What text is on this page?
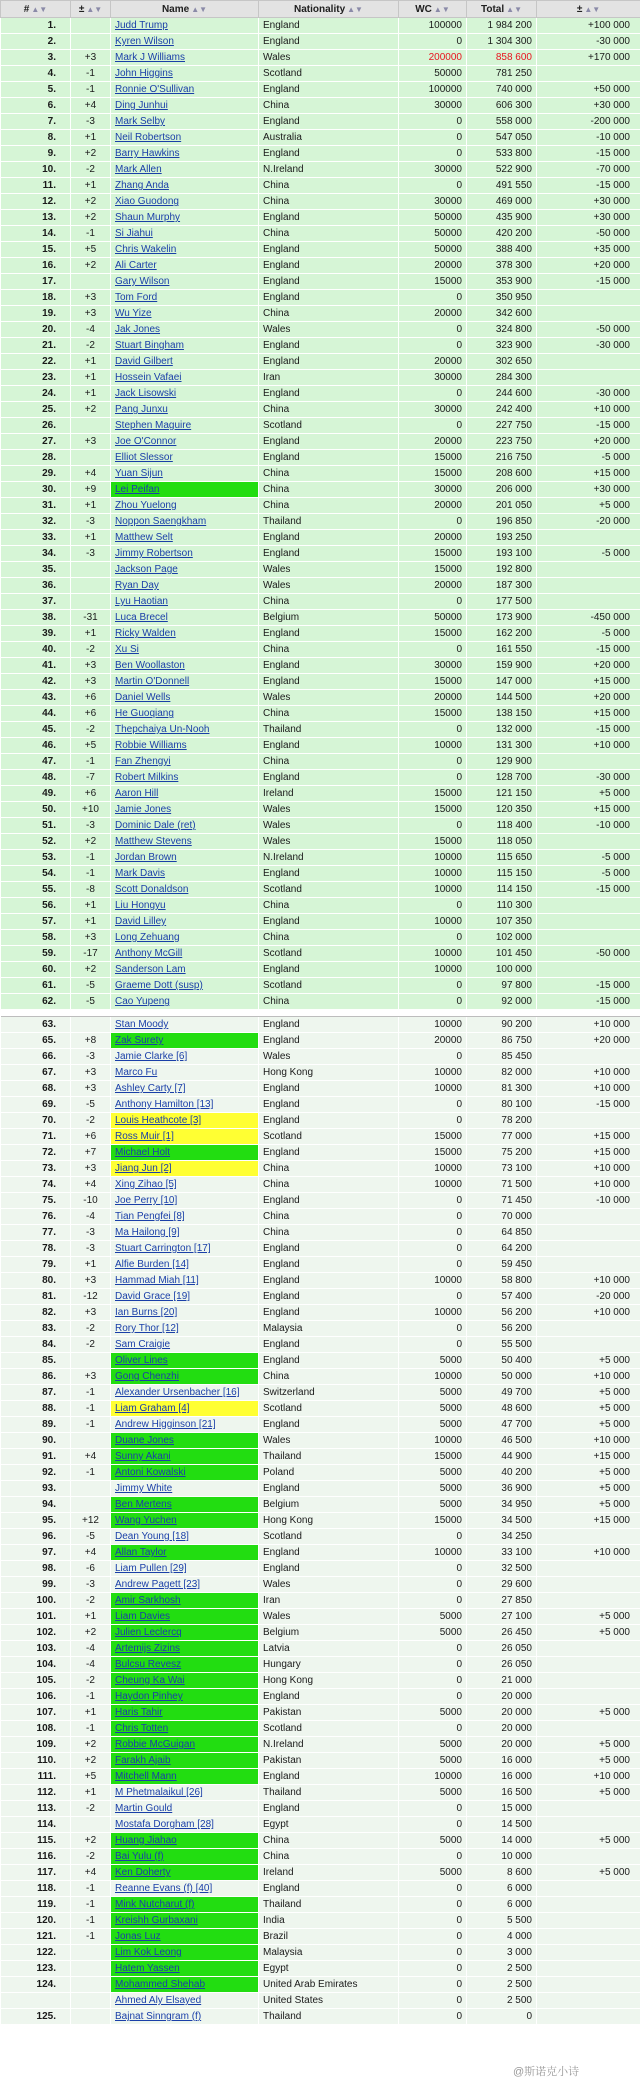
# ▲▼	± ▲▼	Name ▲▼	Nationality ▲▼	WC ▲▼	Total ▲▼	± ▲▼
1.		Judd Trump	England	100000	1 984 200	+100 000
2.		Kyren Wilson	England	0	1 304 300	-30 000
3.	+3	Mark J Williams	Wales	200000	858 600	+170 000
4.	-1	John Higgins	Scotland	50000	781 250	
5.	-1	Ronnie O'Sullivan	England	100000	740 000	+50 000
6.	+4	Ding Junhui	China	30000	606 300	+30 000
7.	-3	Mark Selby	England	0	558 000	-200 000
8.	+1	Neil Robertson	Australia	0	547 050	-10 000
9.	+2	Barry Hawkins	England	0	533 800	-15 000
10.	-2	Mark Allen	N.Ireland	30000	522 900	-70 000
11.	+1	Zhang Anda	China	0	491 550	-15 000
12.	+2	Xiao Guodong	China	30000	469 000	+30 000
13.	+2	Shaun Murphy	England	50000	435 900	+30 000
14.	-1	Si Jiahui	China	50000	420 200	-50 000
15.	+5	Chris Wakelin	England	50000	388 400	+35 000
16.	+2	Ali Carter	England	20000	378 300	+20 000
17.		Gary Wilson	England	15000	353 900	-15 000
18.	+3	Tom Ford	England	0	350 950	
19.	+3	Wu Yize	China	20000	342 600	
20.	-4	Jak Jones	Wales	0	324 800	-50 000
21.	-2	Stuart Bingham	England	0	323 900	-30 000
22.	+1	David Gilbert	England	20000	302 650	
23.	+1	Hossein Vafaei	Iran	30000	284 300	
24.	+1	Jack Lisowski	England	0	244 600	-30 000
25.	+2	Pang Junxu	China	30000	242 400	+10 000
26.		Stephen Maguire	Scotland	0	227 750	-15 000
27.	+3	Joe O'Connor	England	20000	223 750	+20 000
28.		Elliot Slessor	England	15000	216 750	-5 000
29.	+4	Yuan Sijun	China	15000	208 600	+15 000
30.	+9	Lei Peifan	China	30000	206 000	+30 000
31.	+1	Zhou Yuelong	China	20000	201 050	+5 000
32.	-3	Noppon Saengkham	Thailand	0	196 850	-20 000
33.	+1	Matthew Selt	England	20000	193 250	
34.	-3	Jimmy Robertson	England	15000	193 100	-5 000
35.		Jackson Page	Wales	15000	192 800	
36.		Ryan Day	Wales	20000	187 300	
37.		Lyu Haotian	China	0	177 500	
38.	-31	Luca Brecel	Belgium	50000	173 900	-450 000
39.	+1	Ricky Walden	England	15000	162 200	-5 000
40.	-2	Xu Si	China	0	161 550	-15 000
41.	+3	Ben Woollaston	England	30000	159 900	+20 000
42.	+3	Martin O'Donnell	England	15000	147 000	+15 000
43.	+6	Daniel Wells	Wales	20000	144 500	+20 000
44.	+6	He Guoqiang	China	15000	138 150	+15 000
45.	-2	Thepchaiya Un-Nooh	Thailand	0	132 000	-15 000
46.	+5	Robbie Williams	England	10000	131 300	+10 000
47.	-1	Fan Zhengyi	China	0	129 900	
48.	-7	Robert Milkins	England	0	128 700	-30 000
49.	+6	Aaron Hill	Ireland	15000	121 150	+5 000
50.	+10	Jamie Jones	Wales	15000	120 350	+15 000
51.	-3	Dominic Dale (ret)	Wales	0	118 400	-10 000
52.	+2	Matthew Stevens	Wales	15000	118 050	
53.	-1	Jordan Brown	N.Ireland	10000	115 650	-5 000
54.	-1	Mark Davis	England	10000	115 150	-5 000
55.	-8	Scott Donaldson	Scotland	10000	114 150	-15 000
56.	+1	Liu Hongyu	China	0	110 300	
57.	+1	David Lilley	England	10000	107 350	
58.	+3	Long Zehuang	China	0	102 000	
59.	-17	Anthony McGill	Scotland	10000	101 450	-50 000
60.	+2	Sanderson Lam	England	10000	100 000	
61.	-5	Graeme Dott (susp)	Scotland	0	97 800	-15 000
62.	-5	Cao Yupeng	China	0	92 000	-15 000

63.		Stan Moody	England	10000	90 200	+10 000
65.	+8	Zak Surety	England	20000	86 750	+20 000
66.	-3	Jamie Clarke [6]	Wales	0	85 450	
67.	+3	Marco Fu	Hong Kong	10000	82 000	+10 000
68.	+3	Ashley Carty [7]	England	10000	81 300	+10 000
69.	-5	Anthony Hamilton [13]	England	0	80 100	-15 000
70.	-2	Louis Heathcote [3]	England	0	78 200	
71.	+6	Ross Muir [1]	Scotland	15000	77 000	+15 000
72.	+7	Michael Holt	England	15000	75 200	+15 000
73.	+3	Jiang Jun [2]	China	10000	73 100	+10 000
74.	+4	Xing Zihao [5]	China	10000	71 500	+10 000
75.	-10	Joe Perry [10]	England	0	71 450	-10 000
76.	-4	Tian Pengfei [8]	China	0	70 000	
77.	-3	Ma Hailong [9]	China	0	64 850	
78.	-3	Stuart Carrington [17]	England	0	64 200	
79.	+1	Alfie Burden [14]	England	0	59 450	
80.	+3	Hammad Miah [11]	England	10000	58 800	+10 000
81.	-12	David Grace [19]	England	0	57 400	-20 000
82.	+3	Ian Burns [20]	England	10000	56 200	+10 000
83.	-2	Rory Thor [12]	Malaysia	0	56 200	
84.	-2	Sam Craigie	England	0	55 500	
85.		Oliver Lines	England	5000	50 400	+5 000
86.	+3	Gong Chenzhi	China	10000	50 000	+10 000
87.	-1	Alexander Ursenbacher [16]	Switzerland	5000	49 700	+5 000
88.	-1	Liam Graham [4]	Scotland	5000	48 600	+5 000
89.	-1	Andrew Higginson [21]	England	5000	47 700	+5 000
90.		Duane Jones	Wales	10000	46 500	+10 000
91.	+4	Sunny Akani	Thailand	15000	44 900	+15 000
92.	-1	Antoni Kowalski	Poland	5000	40 200	+5 000
93.		Jimmy White	England	5000	36 900	+5 000
94.		Ben Mertens	Belgium	5000	34 950	+5 000
95.	+12	Wang Yuchen	Hong Kong	15000	34 500	+15 000
96.	-5	Dean Young [18]	Scotland	0	34 250	
97.	+4	Allan Taylor	England	10000	33 100	+10 000
98.	-6	Liam Pullen [29]	England	0	32 500	
99.	-3	Andrew Pagett [23]	Wales	0	29 600	
100.	-2	Amir Sarkhosh	Iran	0	27 850	
101.	+1	Liam Davies	Wales	5000	27 100	+5 000
102.	+2	Julien Leclercq	Belgium	5000	26 450	+5 000
103.	-4	Artemijs Zizins	Latvia	0	26 050	
104.	-4	Bulcsu Revesz	Hungary	0	26 050	
105.	-2	Cheung Ka Wai	Hong Kong	0	21 000	
106.	-1	Haydon Pinhey	England	0	20 000	
107.	+1	Haris Tahir	Pakistan	5000	20 000	+5 000
108.	-1	Chris Totten	Scotland	0	20 000	
109.	+2	Robbie McGuigan	N.Ireland	5000	20 000	+5 000
110.	+2	Farakh Ajaib	Pakistan	5000	16 000	+5 000
111.	+5	Mitchell Mann	England	10000	16 000	+10 000
112.	+1	M Phetmalaikul [26]	Thailand	5000	16 500	+5 000
113.	-2	Martin Gould	England	0	15 000	
114.		Mostafa Dorgham [28]	Egypt	0	14 500	
115.	+2	Huang Jiahao	China	5000	14 000	+5 000
116.	-2	Bai Yulu (f)	China	0	10 000	
117.	+4	Ken Doherty	Ireland	5000	8 600	+5 000
118.	-1	Reanne Evans (f) [40]	England	0	6 000	
119.	-1	Mink Nutcharut (f)	Thailand	0	6 000	
120.	-1	Kreishh Gurbaxani	India	0	5 500	
121.	-1	Jonas Luz	Brazil	0	4 000	
122.		Lim Kok Leong	Malaysia	0	3 000	
123.		Hatem Yassen	Egypt	0	2 500	
124.		Mohammed Shehab	United Arab Emirates	0	2 500	
		Ahmed Aly Elsayed	United States	0	2 500	
125.		Bajnat Sinngram (f)	Thailand	0	0	
@斯诺克小诗
